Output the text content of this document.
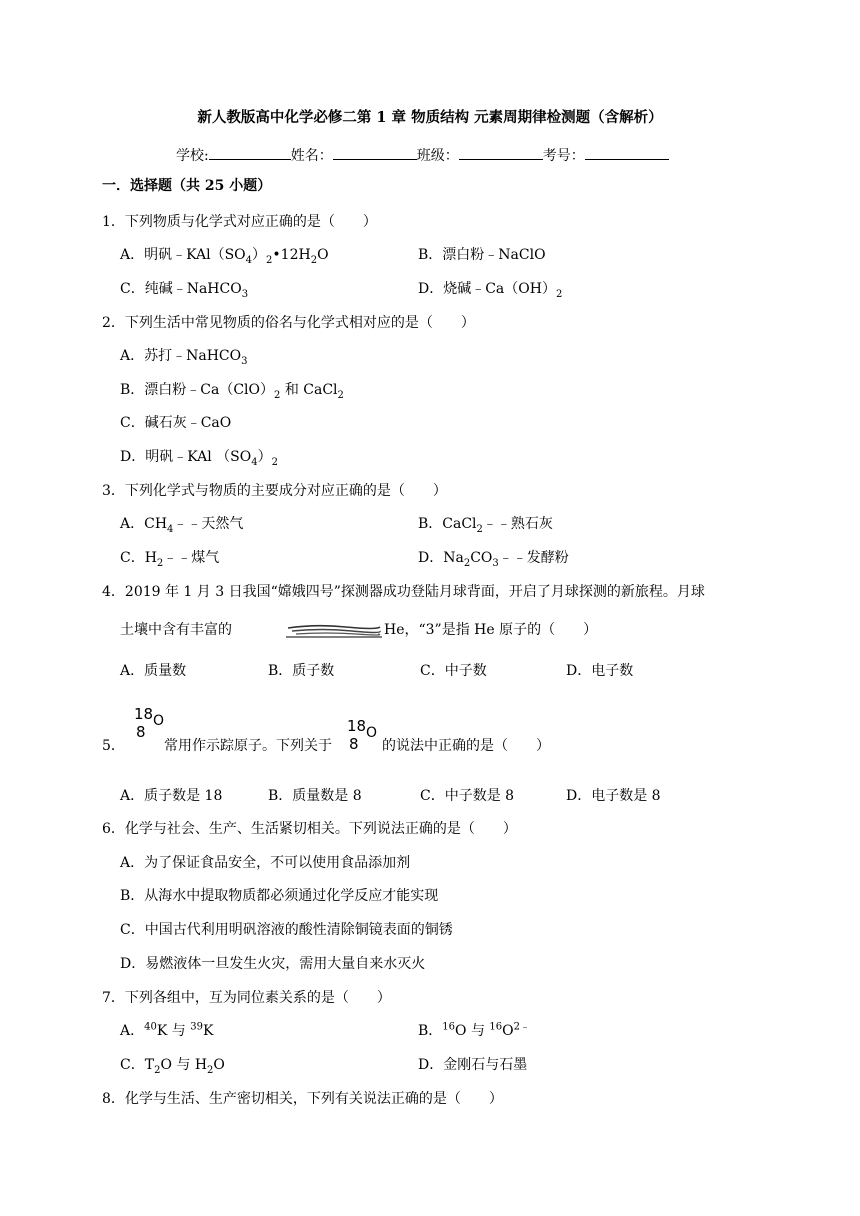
新人教版高中化学必修二第 1 章 物质结构 元素周期律检测题（含解析）
学校:	姓名：	班级：	考号：
一．选择题（共 25 小题）
1．下列物质与化学式对应正确的是（　　）
A．明矾$﹣KAl(SO_4)_2•12H_2O$	B．漂白粉﹣NaClO
C．纯碱﹣NaHCO$_3$	D．烧碱$﹣Ca(OH)_2$
2．下列生活中常见物质的俗名与化学式相对应的是（　　）
A．苏打﹣NaHCO$_3$
B．漂白粉$﹣Ca(ClO)_2$ 和 CaCl$_2$
C．碱石灰﹣CaO
D．明矾﹣KAl $(SO_4)_2$
3．下列化学式与物质的主要成分对应正确的是（　　）
A．$CH_4﹣﹣$天然气	B．CaCl$_2$﹣﹣熟石灰
C．$H_2﹣﹣$煤气	D．$Na_2CO_3﹣﹣$发酵粉
4．2019 年 1 月 3 日我国“嫦娥四号”探测器成功登陆月球背面，开启了月球探测的新旅程。月球
土壤中含有丰富的	He，“3”是指 He 原子的（　　）
A．质量数	B．质子数	C．中子数	D．电子数
5．
18
8
O
常用作示踪原子。下列关于
18
8
O
的说法中正确的是（　　）
A．质子数是 18	B．质量数是 8	C．中子数是 8	D．电子数是 8
6．化学与社会、生产、生活紧切相关。下列说法正确的是（　　）
A．为了保证食品安全，不可以使用食品添加剂
B．从海水中提取物质都必须通过化学反应才能实现
C．中国古代利用明矾溶液的酸性清除铜镜表面的铜锈
D．易燃液体一旦发生火灾，需用大量自来水灭火
7．下列各组中，互为同位素关系的是（　　）
A．$^{40}$K 与 $^{39}$K	B．$^{16}$O 与 $^{16}O^{2﹣}$
C．$T_2O$ 与 $H_2O$	D．金刚石与石墨
8．化学与生活、生产密切相关，下列有关说法正确的是（　　）
